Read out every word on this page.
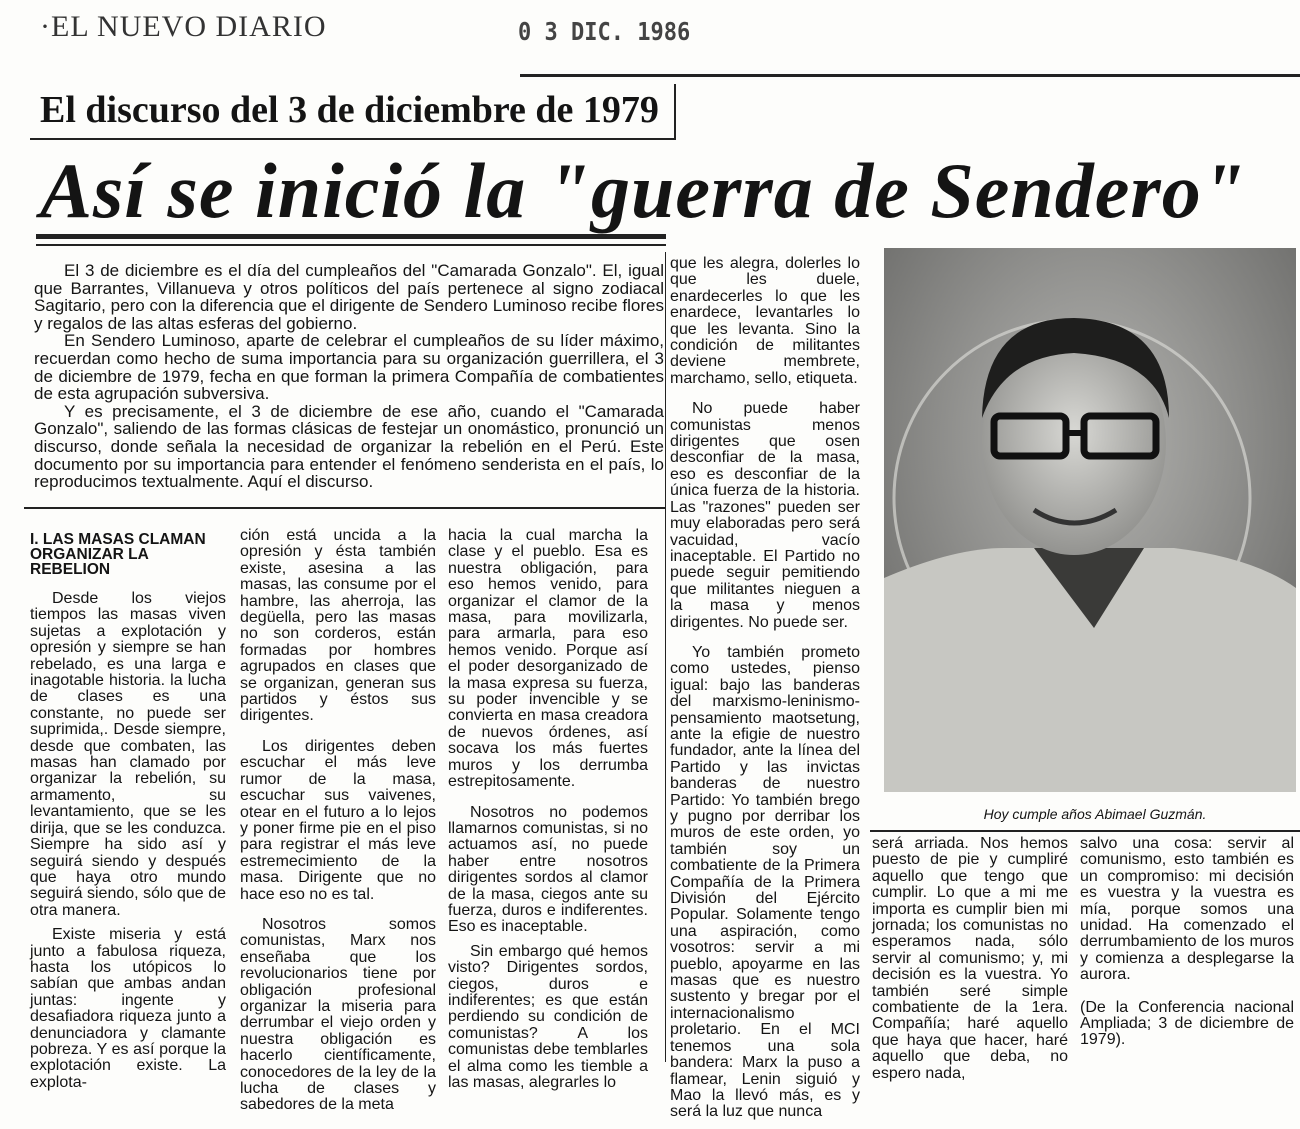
·EL NUEVO DIARIO	0 3 DIC. 1986
El discurso del 3 de diciembre de 1979
Así se inició la "guerra de Sendero"

El 3 de diciembre es el día del cumpleaños del "Camarada Gonzalo". El, igual que Barrantes, Villanueva y otros políticos del país pertenece al signo zodiacal Sagitario, pero con la diferencia que el dirigente de Sendero Luminoso recibe flores y regalos de las altas esferas del gobierno.

En Sendero Luminoso, aparte de celebrar el cumpleaños de su líder máximo, recuerdan como hecho de suma importancia para su organización guerrillera, el 3 de diciembre de 1979, fecha en que forman la primera Compañía de combatientes de esta agrupación subversiva.

Y es precisamente, el 3 de diciembre de ese año, cuando el "Camarada Gonzalo", saliendo de las formas clásicas de festejar un onomástico, pronunció un discurso, donde señala la necesidad de organizar la rebelión en el Perú. Este documento por su importancia para entender el fenómeno senderista en el país, lo reproducimos textualmente. Aquí el discurso.

I. LAS MASAS CLAMAN ORGANIZAR LA REBELION

Desde los viejos tiempos las masas viven sujetas a explotación y opresión y siempre se han rebelado, es una larga e inagotable historia. la lucha de clases es una constante, no puede ser suprimida,. Desde siempre, desde que combaten, las masas han clamado por organizar la rebelión, su armamento, su levantamiento, que se les dirija, que se les conduzca. Siempre ha sido así y seguirá siendo y después que haya otro mundo seguirá siendo, sólo que de otra manera.

Existe miseria y está junto a fabulosa riqueza, hasta los utópicos lo sabían que ambas andan juntas: ingente y desafiadora riqueza junto a denunciadora y clamante pobreza. Y es así porque la explotación existe. La explota-

ción está uncida a la opresión y ésta también existe, asesina a las masas, las consume por el hambre, las aherroja, las degüella, pero las masas no son corderos, están formadas por hombres agrupados en clases que se organizan, generan sus partidos y éstos sus dirigentes.

Los dirigentes deben escuchar el más leve rumor de la masa, escuchar sus vaivenes, otear en el futuro a lo lejos y poner firme pie en el piso para registrar el más leve estremecimiento de la masa. Dirigente que no hace eso no es tal.

Nosotros somos comunistas, Marx nos enseñaba que los revolucionarios tiene por obligación profesional organizar la miseria para derrumbar el viejo orden y nuestra obligación es hacerlo científicamente, conocedores de la ley de la lucha de clases y sabedores de la meta

hacia la cual marcha la clase y el pueblo. Esa es nuestra obligación, para eso hemos venido, para organizar el clamor de la masa, para movilizarla, para armarla, para eso hemos venido. Porque así el poder desorganizado de la masa expresa su fuerza, su poder invencible y se convierta en masa creadora de nuevos órdenes, así socava los más fuertes muros y los derrumba estrepitosamente.

Nosotros no podemos llamarnos comunistas, si no actuamos así, no puede haber entre nosotros dirigentes sordos al clamor de la masa, ciegos ante su fuerza, duros e indiferentes. Eso es inaceptable.

Sin embargo qué hemos visto? Dirigentes sordos, ciegos, duros e indiferentes; es que están perdiendo su condición de comunistas? A los comunistas debe temblarles el alma como les tiemble a las masas, alegrarles lo

que les alegra, dolerles lo que les duele, enardecerles lo que les enardece, levantarles lo que les levanta. Sino la condición de militantes deviene membrete, marchamo, sello, etiqueta.

No puede haber comunistas menos dirigentes que osen desconfiar de la masa, eso es desconfiar de la única fuerza de la historia. Las "razones" pueden ser muy elaboradas pero será vacuidad, vacío inaceptable. El Partido no puede seguir pemitiendo que militantes nieguen a la masa y menos dirigentes. No puede ser.

Yo también prometo como ustedes, pienso igual: bajo las banderas del marxismo-leninismo-pensamiento maotsetung, ante la efigie de nuestro fundador, ante la línea del Partido y las invictas banderas de nuestro Partido: Yo también brego y pugno por derribar los muros de este orden, yo también soy un combatiente de la Primera Compañía de la Primera División del Ejército Popular. Solamente tengo una aspiración, como vosotros: servir a mi pueblo, apoyarme en las masas que es nuestro sustento y bregar por el internacionalismo proletario. En el MCI tenemos una sola bandera: Marx la puso a flamear, Lenin siguió y Mao la llevó más, es y será la luz que nunca

Hoy cumple años Abimael Guzmán.

será arriada. Nos hemos puesto de pie y cumpliré aquello que tengo que cumplir. Lo que a mi me importa es cumplir bien mi jornada; los comunistas no esperamos nada, sólo servir al comunismo; y, mi decisión es la vuestra. Yo también seré simple combatiente de la 1era. Compañía; haré aquello que haya que hacer, haré aquello que deba, no espero nada,

salvo una cosa: servir al comunismo, esto también es un compromiso: mi decisión es vuestra y la vuestra es mía, porque somos una unidad. Ha comenzado el derrumbamiento de los muros y comienza a desplegarse la aurora.

(De la Conferencia nacional Ampliada; 3 de diciembre de 1979).
